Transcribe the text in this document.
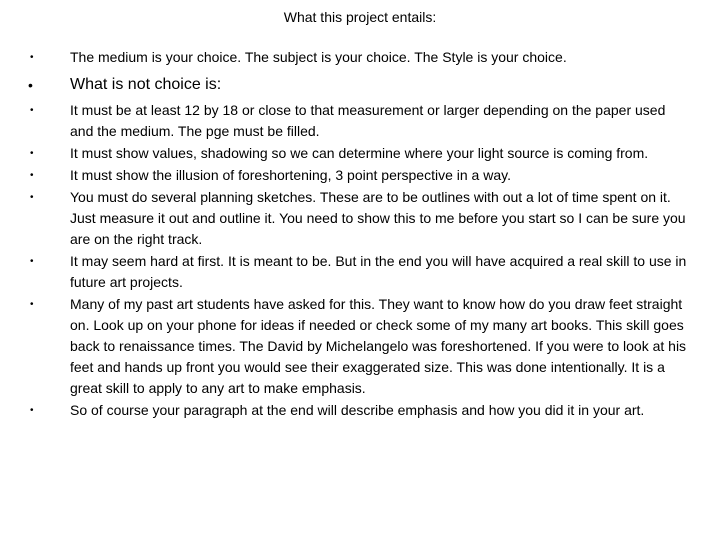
What this project entails:
•	The medium is your choice. The subject is your choice. The Style is your choice.
• What is not choice is:
•	It must be at least 12 by 18 or close to that measurement or larger depending on the paper used and the medium. The pge must be filled.
•	It must show values, shadowing so we can determine where your light source is coming from.
•	It must show the illusion of foreshortening, 3 point perspective in a way.
•	You must do several planning sketches. These are to be outlines with out a lot of time spent on it. Just measure it out and outline it. You need to show this to me before you start so I can be sure you are on the right track.
•	It may seem hard at first. It is meant to be. But in the end you will have acquired a real skill to use in future art projects.
•	Many of my past art students have asked for this. They want to know how do you draw feet straight on. Look up on your phone for ideas if needed or check some of my many art books. This skill goes back to renaissance times. The David by Michelangelo was foreshortened. If you were to look at his feet and hands up front you would see their exaggerated size. This was done intentionally. It is a great skill to apply to any art to make emphasis.
•	So of course your paragraph at the end will describe emphasis and how you did it in your art.
